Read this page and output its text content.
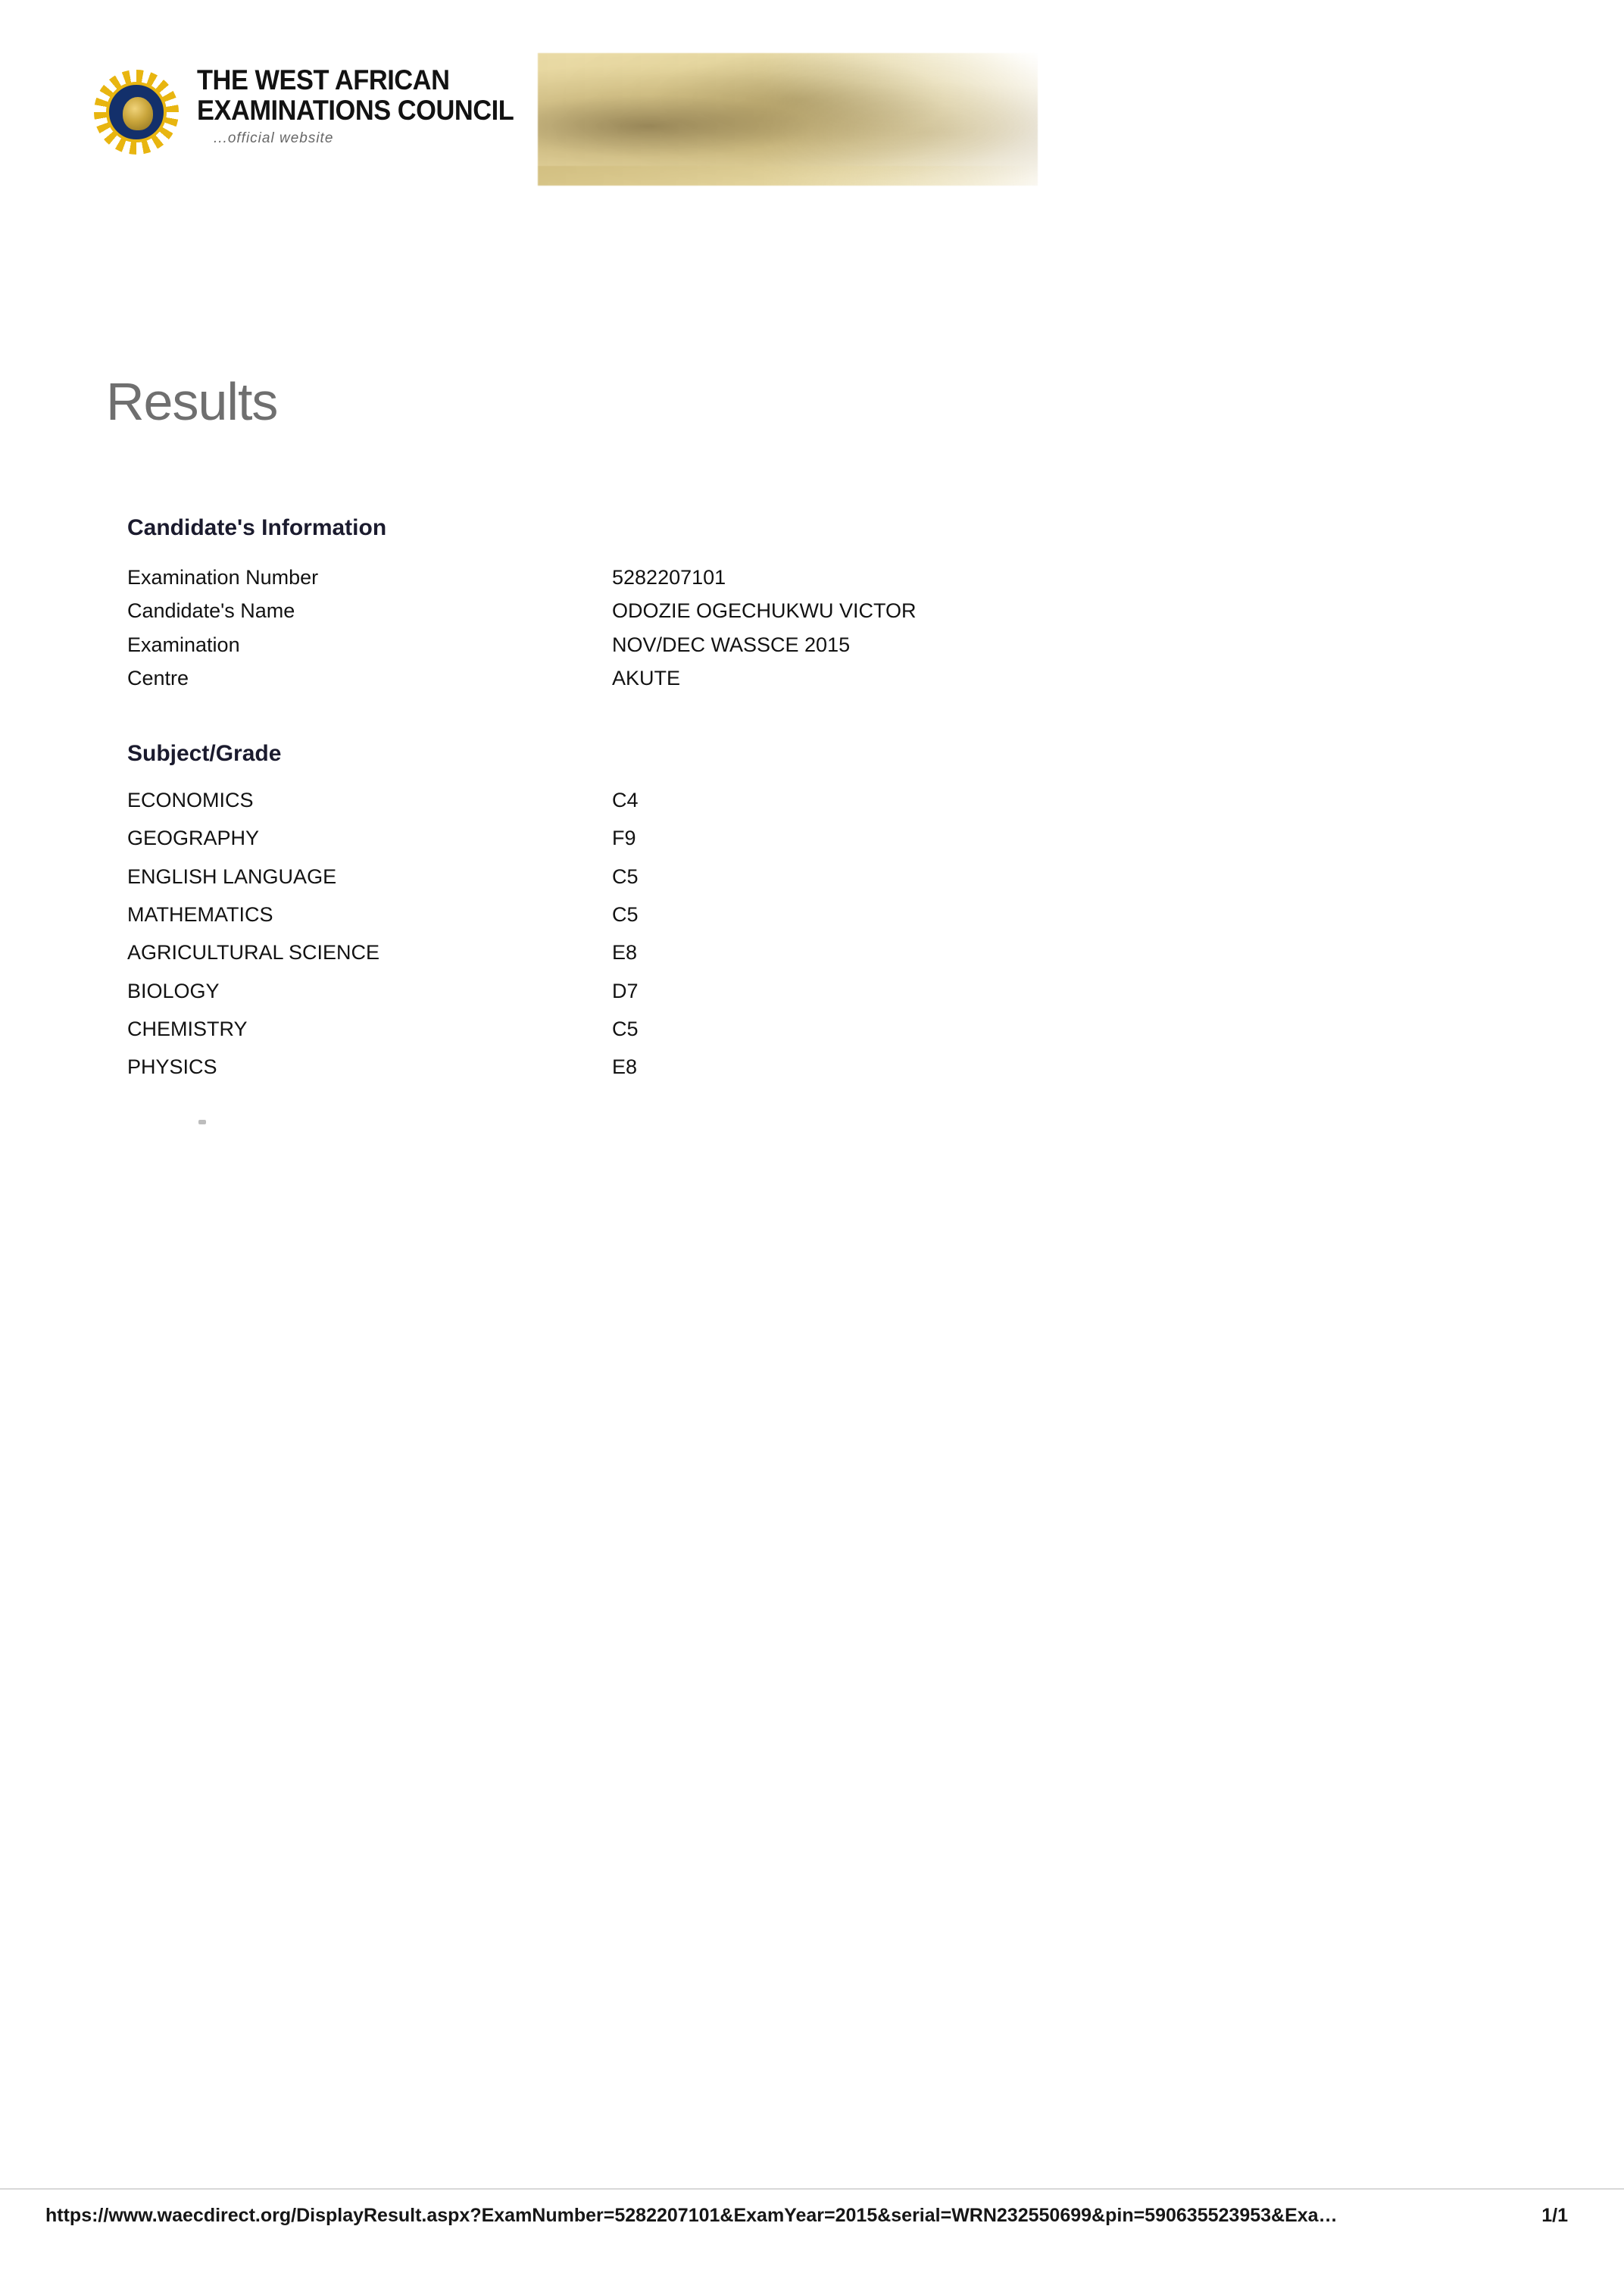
THE WEST AFRICAN
EXAMINATIONS COUNCIL
...official website
Results
Candidate's Information
Examination Number	5282207101
Candidate's Name	ODOZIE OGECHUKWU VICTOR
Examination	NOV/DEC WASSCE 2015
Centre	AKUTE
Subject/Grade
ECONOMICS	C4
GEOGRAPHY	F9
ENGLISH LANGUAGE	C5
MATHEMATICS	C5
AGRICULTURAL SCIENCE	E8
BIOLOGY	D7
CHEMISTRY	C5
PHYSICS	E8
https://www.waecdirect.org/DisplayResult.aspx?ExamNumber=5282207101&ExamYear=2015&serial=WRN232550699&pin=590635523953&Exa…	1/1
